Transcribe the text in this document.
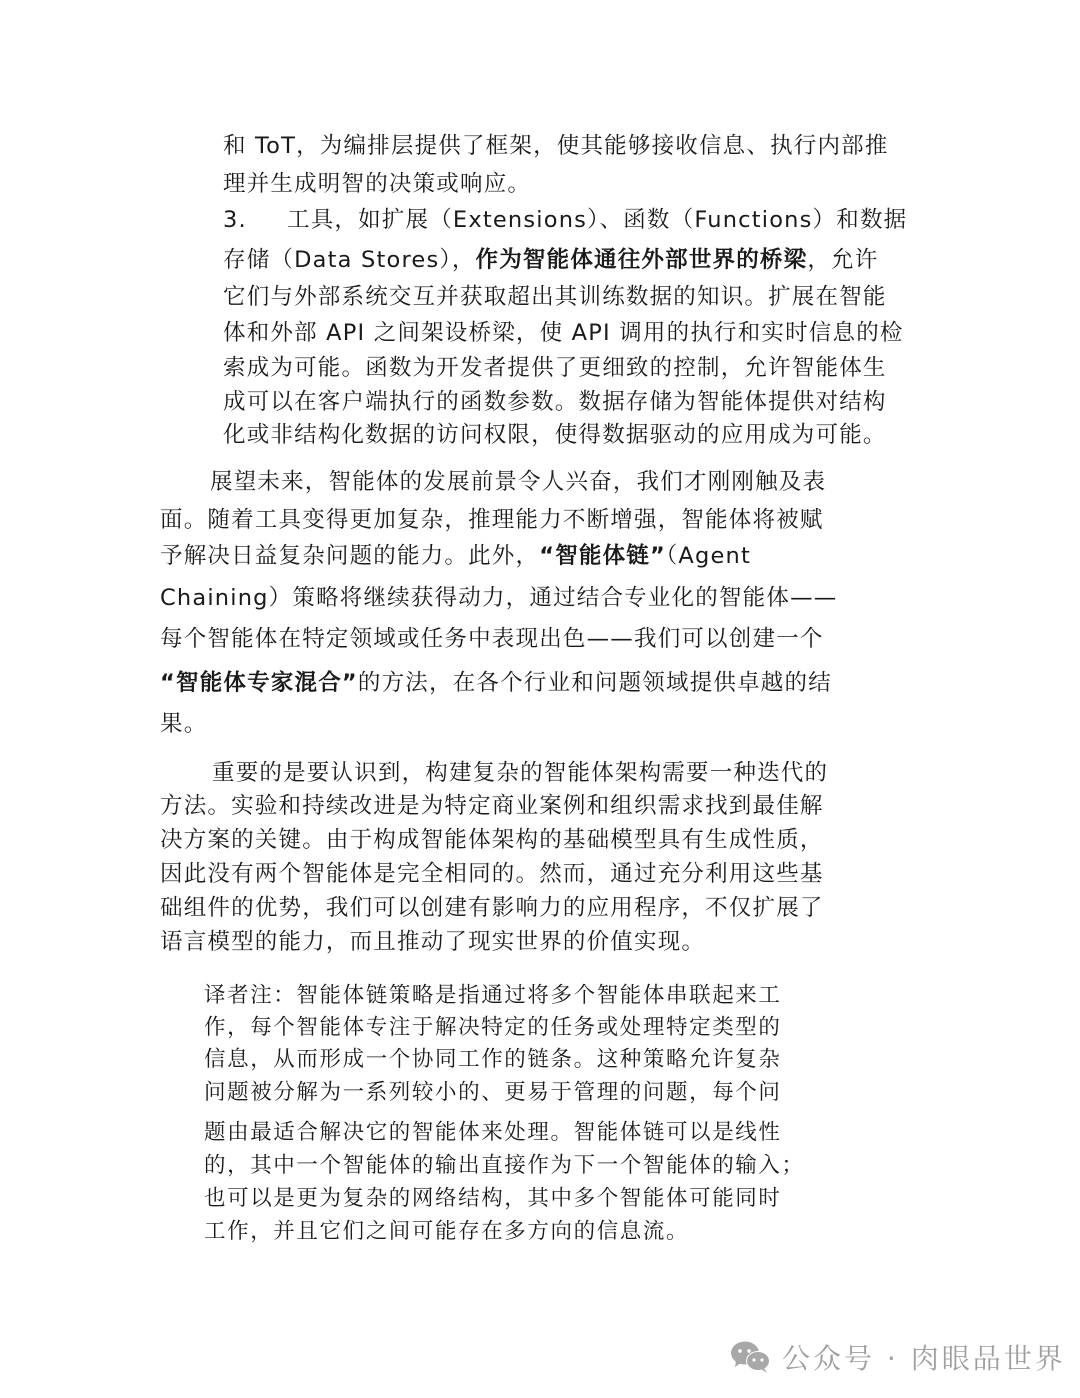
和 ToT，为编排层提供了框架，使其能够接收信息、执行内部推
理并生成明智的决策或响应。
3. 工具，如扩展（Extensions）、函数（Functions）和数据
存储（Data Stores），作为智能体通往外部世界的桥梁，允许
它们与外部系统交互并获取超出其训练数据的知识。扩展在智能
体和外部 API 之间架设桥梁，使 API 调用的执行和实时信息的检
索成为可能。函数为开发者提供了更细致的控制，允许智能体生
成可以在客户端执行的函数参数。数据存储为智能体提供对结构
化或非结构化数据的访问权限，使得数据驱动的应用成为可能。
展望未来，智能体的发展前景令人兴奋，我们才刚刚触及表
面。随着工具变得更加复杂，推理能力不断增强，智能体将被赋
予解决日益复杂问题的能力。此外，“智能体链”（Agent
Chaining）策略将继续获得动力，通过结合专业化的智能体——
每个智能体在特定领域或任务中表现出色——我们可以创建一个
“智能体专家混合”的方法，在各个行业和问题领域提供卓越的结
果。
重要的是要认识到，构建复杂的智能体架构需要一种迭代的
方法。实验和持续改进是为特定商业案例和组织需求找到最佳解
决方案的关键。由于构成智能体架构的基础模型具有生成性质，
因此没有两个智能体是完全相同的。然而，通过充分利用这些基
础组件的优势，我们可以创建有影响力的应用程序，不仅扩展了
语言模型的能力，而且推动了现实世界的价值实现。
译者注：智能体链策略是指通过将多个智能体串联起来工
作，每个智能体专注于解决特定的任务或处理特定类型的
信息，从而形成一个协同工作的链条。这种策略允许复杂
问题被分解为一系列较小的、更易于管理的问题，每个问
题由最适合解决它的智能体来处理。智能体链可以是线性
的，其中一个智能体的输出直接作为下一个智能体的输入；
也可以是更为复杂的网络结构，其中多个智能体可能同时
工作，并且它们之间可能存在多方向的信息流。
公众号 · 肉眼品世界
